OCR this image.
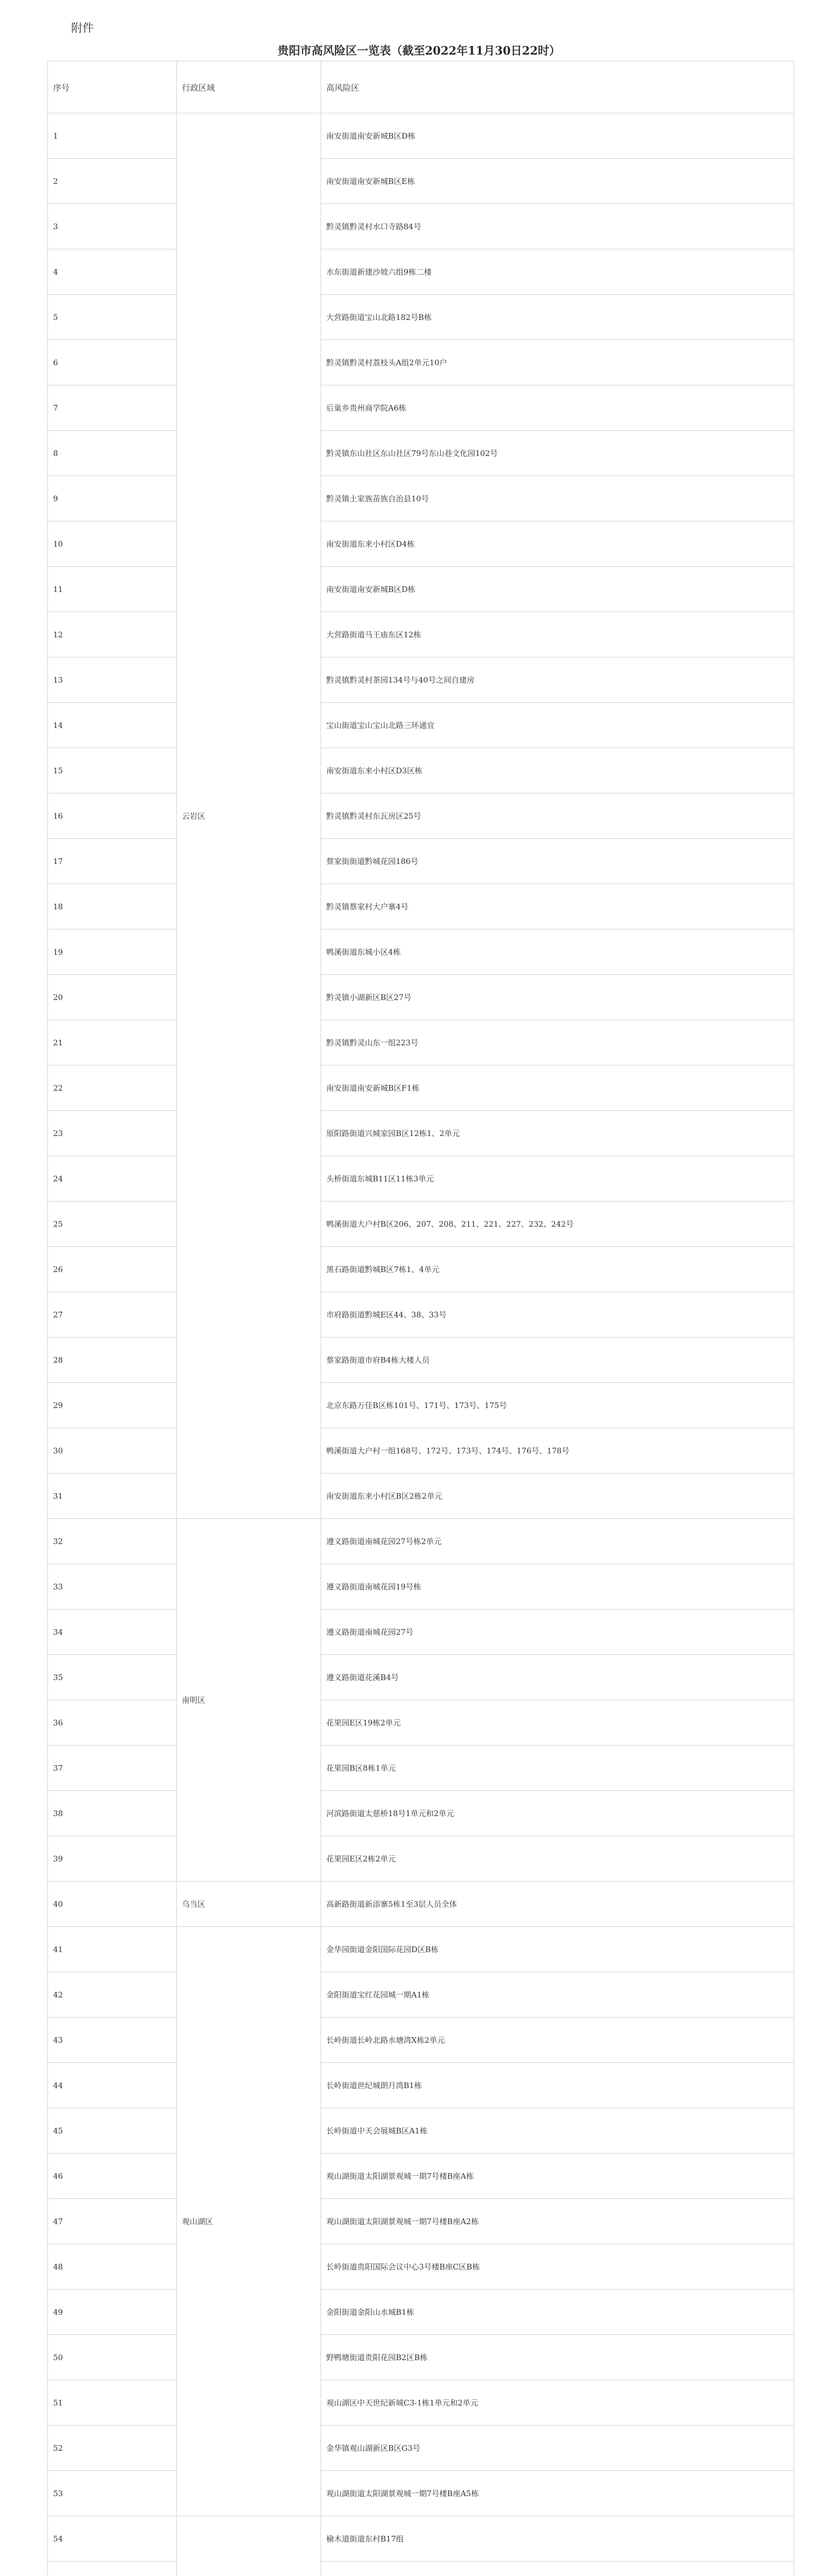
附件
贵阳市高风险区一览表（截至2022年11月30日22时）
序号	行政区域	高风险区
1	云岩区	南安街道南安新城B区D栋
2		南安街道南安新城B区E栋
3		黔灵镇黔灵村水口寺路84号
4		水东街道新建沙坡六组9栋二楼
5		大营路街道宝山北路182号B栋
6		黔灵镇黔灵村荔枝头A组2单元10户
7		后巢乡贵州商学院A6栋
8		黔灵镇东山社区东山社区79号东山巷文化园102号
9		黔灵镇土家族苗族自治县10号
10		南安街道东来小村区D4栋
11		南安街道南安新城B区D栋
12		大营路街道马王庙东区12栋
13		黔灵镇黔灵村茶园134号与40号之间自建房
14		宝山街道宝山宝山北路三环通宜
15		南安街道东来小村区D3区栋
16		黔灵镇黔灵村东瓦房区25号
17		蔡家街街道黔城花园186号
18		黔灵镇蔡家村大户寨4号
19		鸭溪街道东城小区4栋
20		黔灵镇小湖新区B区27号
21		黔灵镇黔灵山东一组223号
22		南安街道南安新城B区F1栋
23		原阳路街道兴城家园B区12栋1、2单元
24		头桥街道东城B11区11栋3单元
25		鸭溪街道大户村B区206、207、208、211、221、227、232、242号
26		黑石路街道黔城B区7栋1、4单元
27		市府路街道黔城E区44、38、33号
28		蔡家路街道市府B4栋大楼人员
29		北京东路万佳B区栋101号、171号、173号、175号
30		鸭溪街道大户村一组168号、172号、173号、174号、176号、178号
31		南安街道东来小村区B区2栋2单元
32	南明区	遵义路街道南城花园27号栋2单元
33		遵义路街道南城花园19号栋
34		遵义路街道南城花园27号
35		遵义路街道花溪B4号
36		花果园E区19栋2单元
37		花果园B区8栋1单元
38		河滨路街道太慈桥18号1单元和2单元
39		花果园E区2栋2单元
40	乌当区	高新路街道新添寨5栋1至3层人员全体
41	观山湖区	金华园街道金阳国际花园D区B栋
42		金阳街道宝红花园城一期A1栋
43		长岭街道长岭北路水塘湾X栋2单元
44		长岭街道世纪城朗月湾B1栋
45		长岭街道中天会展城B区A1栋
46		观山湖街道太阳湖景观城一期7号楼B座A栋
47		观山湖街道太阳湖景观城一期7号楼B座A2栋
48		长岭街道贵阳国际会议中心3号楼B座C区B栋
49		金阳街道金阳山水城B1栋
50		野鸭塘街道贵阳花园B2区B栋
51		观山湖区中天世纪新城C3-1栋1单元和2单元
52		金华镇观山湖新区B区G3号
53		观山湖街道太阳湖景观城一期7号楼B座A5栋
54		榆木道街道东村B17组
